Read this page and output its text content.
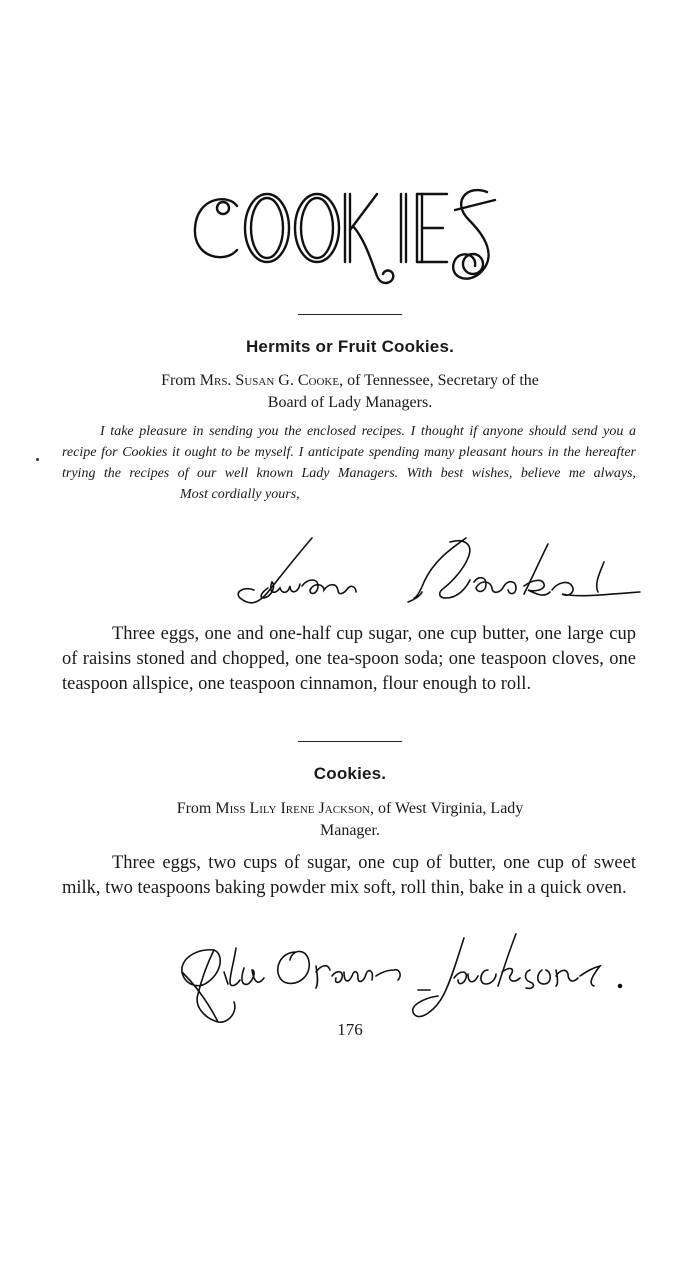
Hermits or Fruit Cookies.
From Mrs. Susan G. Cooke, of Tennessee, Secretary of the
Board of Lady Managers.

I take pleasure in sending you the enclosed recipes. I thought if anyone should send you a recipe for Cookies it ought to be myself. I anticipate spending many pleasant hours in the hereafter trying the recipes of our well known Lady Managers. With best wishes, believe me always,Most cordially yours,

Three eggs, one and one-half cup sugar, one cup butter, one large cup of raisins stoned and chopped, one tea-spoon soda; one teaspoon cloves, one teaspoon allspice, one teaspoon cinnamon, flour enough to roll.

Cookies.
From Miss Lily Irene Jackson, of West Virginia, Lady
Manager.

Three eggs, two cups of sugar, one cup of butter, one cup of sweet milk, two teaspoons baking powder mix soft, roll thin, bake in a quick oven.

176
